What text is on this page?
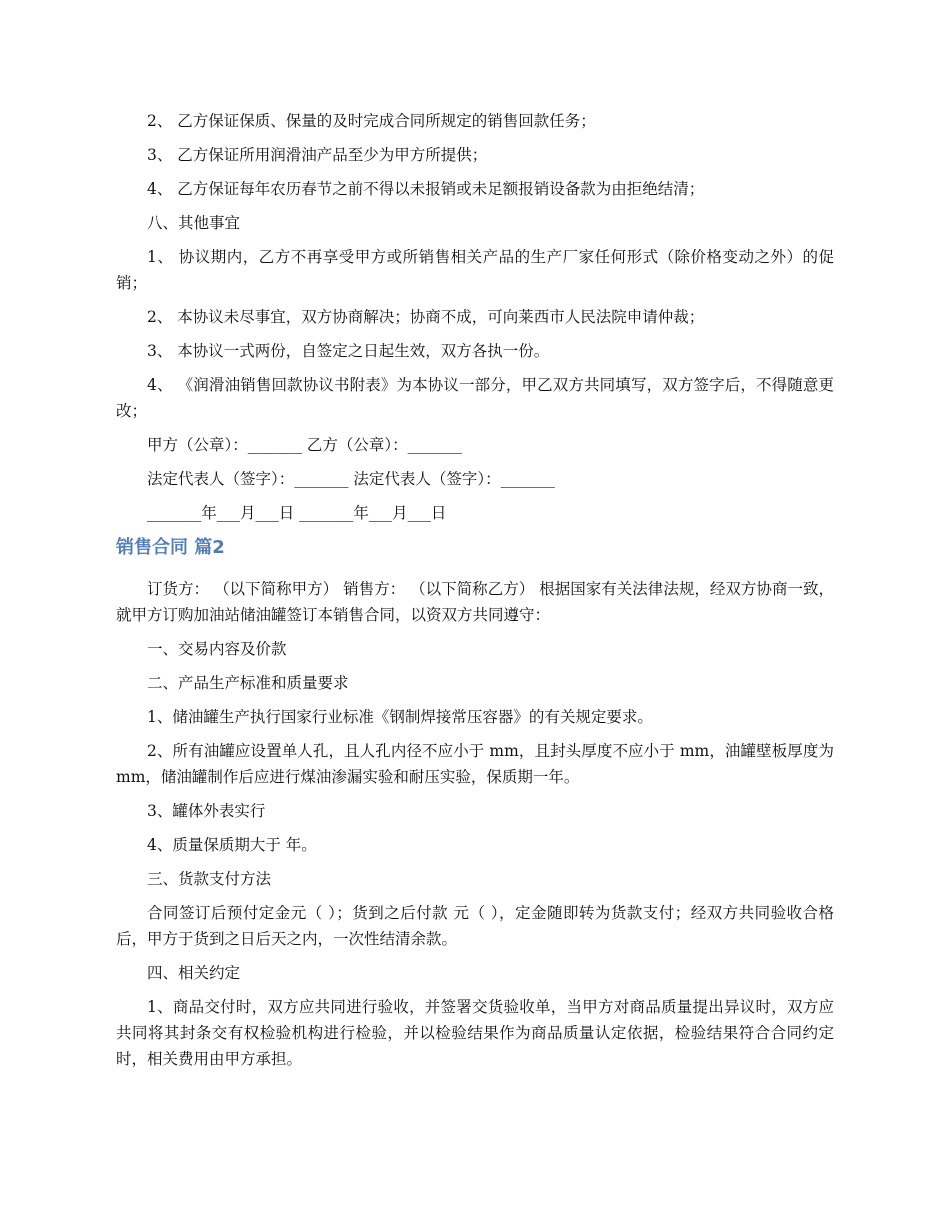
2、 乙方保证保质、保量的及时完成合同所规定的销售回款任务；

3、 乙方保证所用润滑油产品至少为甲方所提供；

4、 乙方保证每年农历春节之前不得以未报销或未足额报销设备款为由拒绝结清；

八、其他事宜

1、 协议期内，乙方不再享受甲方或所销售相关产品的生产厂家任何形式（除价格变动之外）的促销；

2、 本协议未尽事宜，双方协商解决；协商不成，可向莱西市人民法院申请仲裁；

3、 本协议一式两份，自签定之日起生效，双方各执一份。

4、 《润滑油销售回款协议书附表》为本协议一部分，甲乙双方共同填写，双方签字后，不得随意更改；

甲方（公章）：_______ 乙方（公章）：_______

法定代表人（签字）：_______ 法定代表人（签字）：_______

_______年___月___日 _______年___月___日

销售合同 篇2

订货方： （以下简称甲方） 销售方： （以下简称乙方） 根据国家有关法律法规，经双方协商一致，就甲方订购加油站储油罐签订本销售合同，以资双方共同遵守：

一、交易内容及价款

二、产品生产标准和质量要求

1、储油罐生产执行国家行业标准《钢制焊接常压容器》的有关规定要求。

2、所有油罐应设置单人孔，且人孔内径不应小于 mm，且封头厚度不应小于 mm，油罐壁板厚度为 mm，储油罐制作后应进行煤油渗漏实验和耐压实验，保质期一年。

3、罐体外表实行

4、质量保质期大于 年。

三、货款支付方法

合同签订后预付定金元（ ）；货到之后付款 元（ ），定金随即转为货款支付；经双方共同验收合格后，甲方于货到之日后天之内，一次性结清余款。

四、相关约定

1、商品交付时，双方应共同进行验收，并签署交货验收单，当甲方对商品质量提出异议时，双方应共同将其封条交有权检验机构进行检验，并以检验结果作为商品质量认定依据，检验结果符合合同约定时，相关费用由甲方承担。
